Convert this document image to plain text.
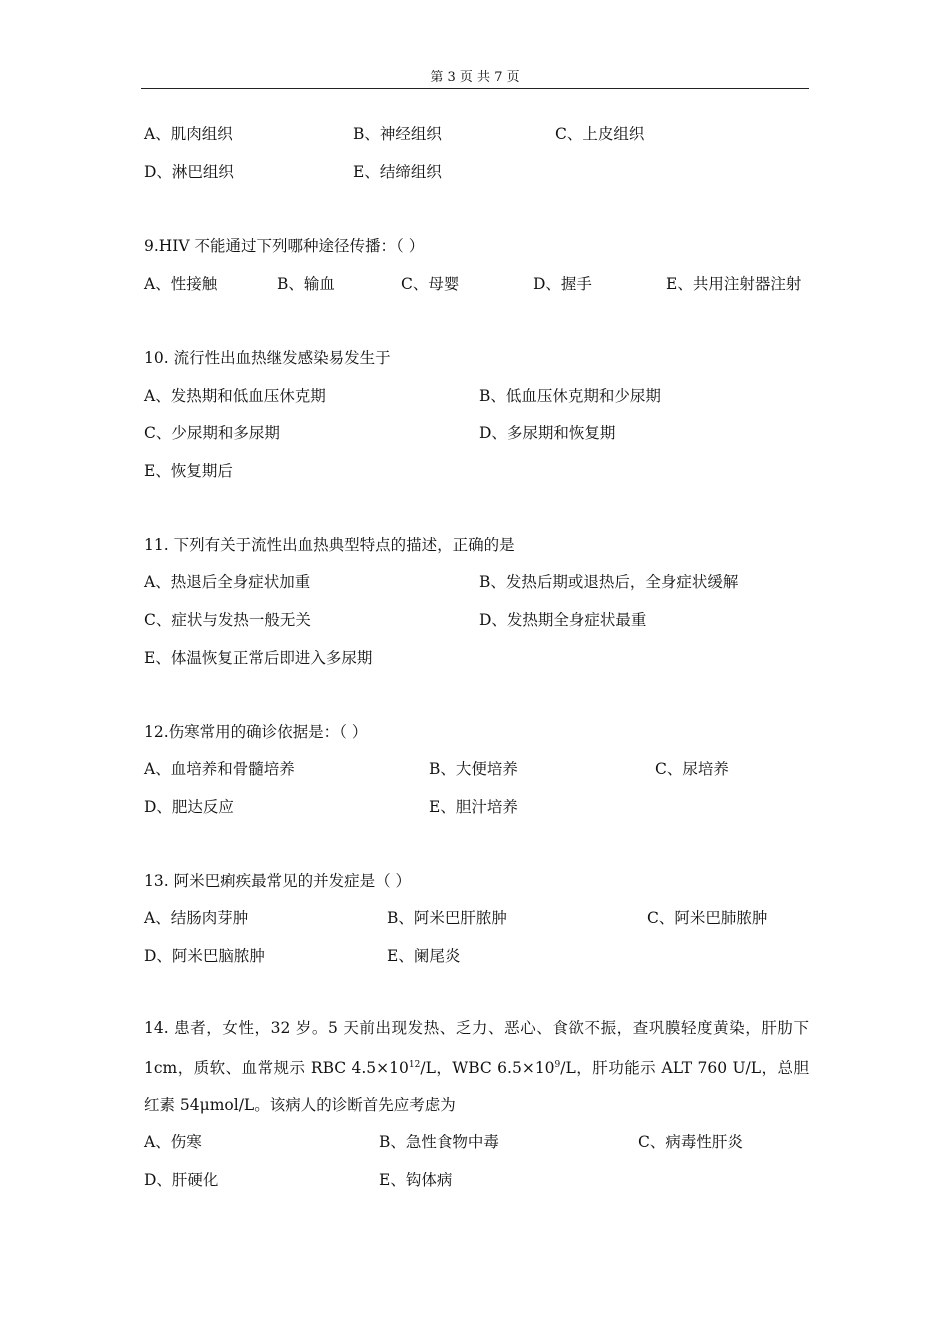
第 3 页 共 7 页
A、肌肉组织	B、神经组织	C、上皮组织
D、淋巴组织	E、结缔组织
9.HIV 不能通过下列哪种途径传播：（ ）
A、性接触	B、输血	C、母婴	D、握手	E、共用注射器注射
10. 流行性出血热继发感染易发生于
A、发热期和低血压休克期	B、低血压休克期和少尿期
C、少尿期和多尿期	D、多尿期和恢复期
E、恢复期后
11. 下列有关于流性出血热典型特点的描述，正确的是
A、热退后全身症状加重	B、发热后期或退热后，全身症状缓解
C、症状与发热一般无关	D、发热期全身症状最重
E、体温恢复正常后即进入多尿期
12.伤寒常用的确诊依据是：（ ）
A、血培养和骨髓培养	B、大便培养	C、尿培养
D、肥达反应	E、胆汁培养
13. 阿米巴痢疾最常见的并发症是（ ）
A、结肠肉芽肿	B、阿米巴肝脓肿	C、阿米巴肺脓肿
D、阿米巴脑脓肿	E、阑尾炎
14. 患者，女性，32 岁。5 天前出现发热、乏力、恶心、食欲不振，查巩膜轻度黄染，肝肋下 1cm，质软、血常规示 RBC $4.5\times 10^{12}/L$，WBC $6.5\times 10^9/L$，肝功能示 ALT 760 U/L，总胆红素 54μmol/L。该病人的诊断首先应考虑为
A、伤寒	B、急性食物中毒	C、病毒性肝炎
D、肝硬化	E、钩体病
